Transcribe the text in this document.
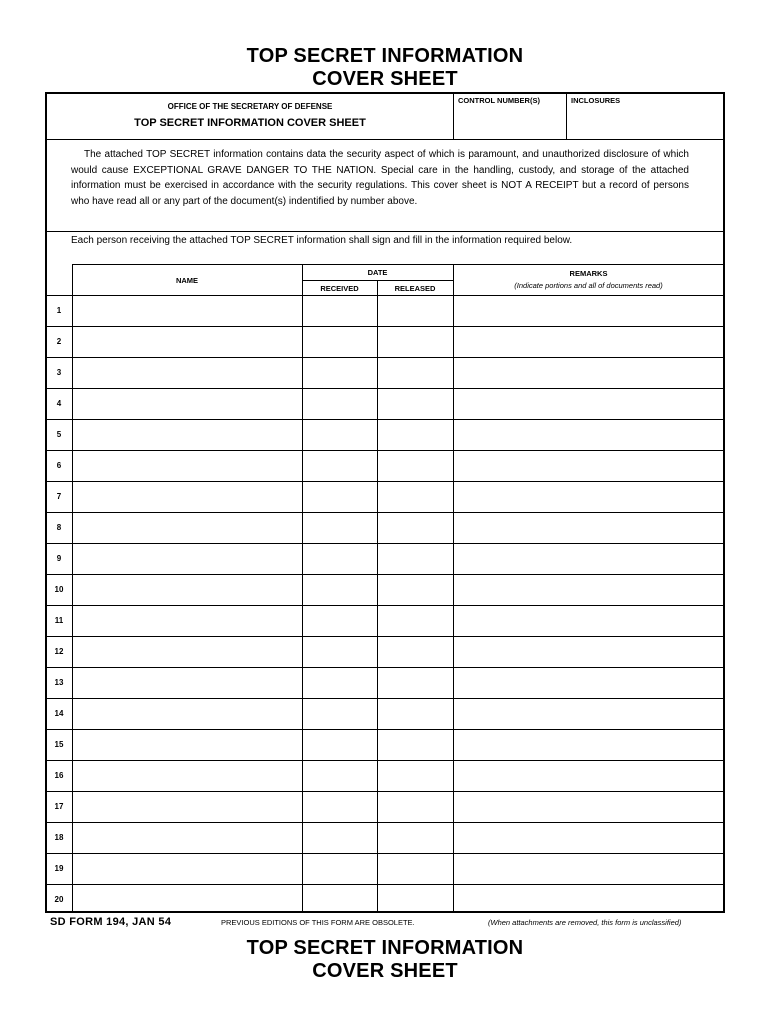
TOP SECRET INFORMATION
COVER SHEET
OFFICE OF THE SECRETARY OF DEFENSE
TOP SECRET INFORMATION COVER SHEET
CONTROL NUMBER(S)	INCLOSURES
The attached TOP SECRET information contains data the security aspect of which is paramount, and unauthorized disclosure of which would cause EXCEPTIONAL GRAVE DANGER TO THE NATION. Special care in the handling, custody, and storage of the attached information must be exercised in accordance with the security regulations. This cover sheet is NOT A RECEIPT but a record of persons who have read all or any part of the document(s) indentified by number above.
Each person receiving the attached TOP SECRET information shall sign and fill in the information required below.
NAME
DATE
RECEIVED	RELEASED
REMARKS
(Indicate portions and all of documents read)
1
2
3
4
5
6
7
8
9
10
11
12
13
14
15
16
17
18
19
20
SD FORM 194, JAN 54	PREVIOUS EDITIONS OF THIS FORM ARE OBSOLETE.	(When attachments are removed, this form is unclassified)
TOP SECRET INFORMATION
COVER SHEET
